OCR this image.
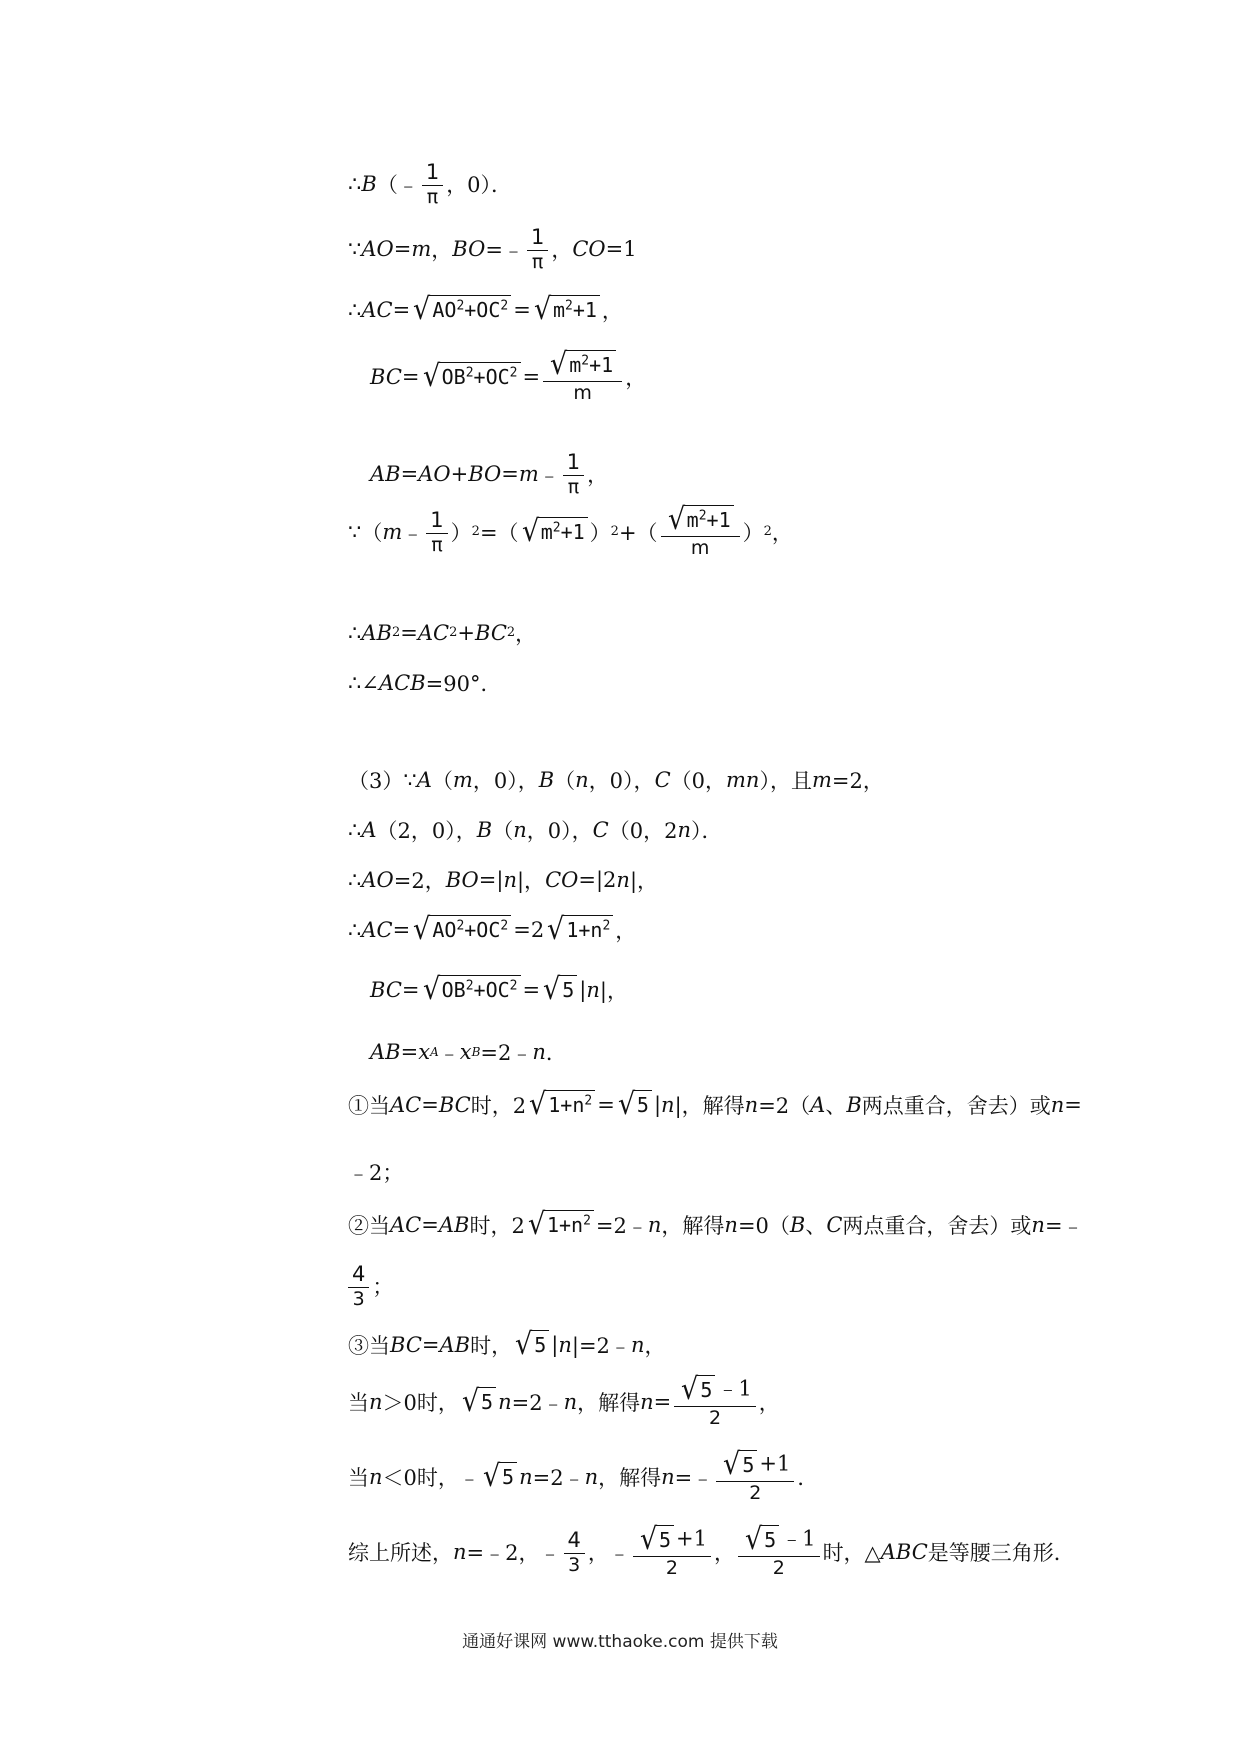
∴ B （﹣ $\frac{1}{\pi}$ ，0）．
∵ AO = m ， BO =﹣ $\frac{1}{\pi}$ ， CO =1
∴ AC = √ $AO^2+OC^2$ = √ $m^2+1$ ，
BC = √ $OB^2+OC^2 = \frac{√ m^2+1}{m}$ ，
AB = AO + BO = m ﹣ $\frac{1}{\pi}$ ，
∵ （ m ﹣ $\frac{1}{\pi}$ ） 2 =（ √ $m^2+1$ ） 2 +（ $\frac{√ m^2+1}{m}$ ） 2 ，
∴ AB 2 = AC 2 + BC 2 ，
∴ ∠ ACB =90°．
（3） ∵ A （ m ，0）， B （ n ，0）， C （0， mn ），且 m =2，
∴ A （2，0）， B （ n ，0）， C （0，2 n ）．
∴ AO =2， BO =| n |， CO =|2 n |，
∴ AC = √ $AO^2+OC^2 =2$ √ $1+n^2$ ，
BC = √ $OB^2+OC^2$ = √ 5 | n |，
AB = x A ﹣ x B =2﹣ n ．
①当 AC = BC 时，2 √ $1+n^2$ = √ 5 | n |，解得 n =2（ A 、 B 两点重合，舍去）或 n =
﹣2；
②当 AC = AB 时，2 √ $1+n^2$ =2﹣ n ，解得 n =0（ B 、 C 两点重合，舍去）或 n =﹣
$\frac{4}{3}$ ；
③当 BC = AB 时， √ 5 | n |=2﹣ n ，
当 n ＞0时， √ 5 n =2﹣ n ，解得 $n = \frac{√ 5 ﹣1}{2}$ ，
当 n ＜0时，﹣ √ 5 n =2﹣ n ，解得 n =﹣ $\frac{√ 5 +1}{2}$ ．
综上所述， n =﹣2，﹣ $\frac{4}{3}$ ，﹣ $\frac{√ 5 +1}{2}$ ， $\frac{√ 5 ﹣1}{2}$ 时，△ ABC 是等腰三角形．
通通好课网 www.tthaoke.com 提供下载
